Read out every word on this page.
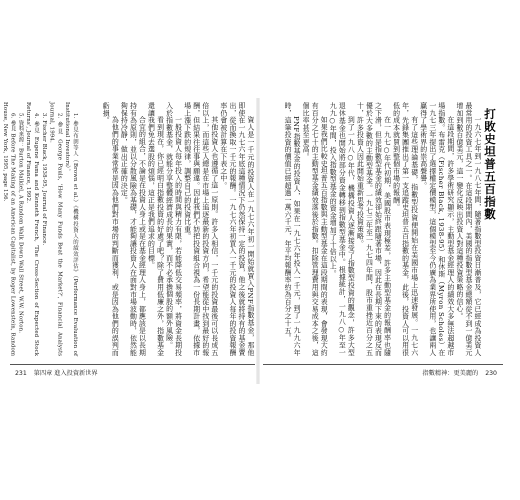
1. 參見布朗等人（Brown et al.）《機構投資人的績效評估》（Performance Evaluation of Institutional Investors）。

2. 參見 George Pauls, 'How Many Funds Beat the Market?', Financial Analysts Journal, 1994.

3. Fischer Black, 1938-95, Journal of Finance.

4. 參見 Eugene Fama and Kenneth French, 'The Cross-Section of Expected Stock Returns', Journal of Finance, 1992.

5. 資料來源：Burton Malkiel, A Random Walk Down Wall Street, W.W. Norton.

6. 參見 Before The Making of an American Capitalist, by Roger Lowenstein, Random House, New York, 1995, page 156.	資人是一千元的投資人在一九七六年初一開始就買入PNF指數基金，那他即使在一九七六年底這種情況下仍然保持一定的投資，他之後就將持有的基金賣出，從而換取一千元的報酬。一九七六年初買入一千元的投資人每年的投資報酬率仍會被計算在下表之中。

其他投資人也遵循了這一原則。許多人相信，一千元的投資最後可以長成五倍以上，而這些人總是在市場上追逐最新的投資方向，希望能從中找到最好的報酬，但結果往往事與願違。因此我們不妨把投資組合視為一份長期計畫，依據市場上漲下跌的規律，調整自己的投資比重。

一般投資人每年投入的時間與精力有限，若能降低交易頻率，將資金長期投入於指數基金，就能分享整體經濟成長的果實，而不必承擔個股的額外風險。

看到現在，你已經明白指數投資的好處了吧？除了費用低廉之外，指數基金還讓我們免去選股的煩惱，這正是我們追求的目標。

合宜的組合，不論是在投資人身上或是在基金經理人身上，都應該是以長期持有為原則，並以分散風險為基礎，才能夠讓投資人在面對市場波動時，依然能夠保持冷靜，做出正確的決定。

為他們的事業常常是因為他們對市場的判斷而獲利，或是因為他們的誤判而虧損。

231 第四章 進入投資新世界
打敗史坦普五百指數

一九六七年到一九八七年間，隨著指數型投資日漸普及，它已經成為投資人最常用的投資工具之一。在這段期間內，美國的指數型基金總額從不到一億美元增加到數百億美元，這一變化反映出投資人對這種投資策略的信心。

在這段期間，許多學術研究顯示，主動型基金經理人的績效大多無法超越市場指數。布雷克（Fischer Black, 1938-95）和休斯（Myron Scholes）在一九七三年提出了選擇權定價模型，這個模型至今仍廣為業界所使用，也讓兩人贏得了學術界的崇高聲譽。

有了這些理論基礎，指數型投資便開始在美國市場上迅速發展。一九七六年，先鋒集團推出了第一支追蹤史坦普五百指數的基金，此後，投資人可以用很低的成本就買到整個市場的報酬。

在一九七○年代初期，美國股市表現極差，許多主動型基金的報酬率也隨之下滑，但是指數型基金的績效卻始終跟隨著市場，因此在長期下來的表現反而優於大多數的主動型基金。一九七三年至一九七四年間，股市重挫近百分之五十，許多投資人因此開始重新思考投資策略。

到了一九八○年代，機構投資人逐漸接受了指數型投資的觀念，許多大型退休基金也開始將部分資金轉移到指數型基金中。根據統計，一九八○年至一九九○年間，投入指數型基金的資金增加了十倍以上。

如果我們比較史坦普五百指數與主動型基金在這段期間的表現，會發現大約有百分之七十的主動型基金績效落後於指數。扣除管理費用與交易成本之後，這個比率甚至更高。

PNF指數基金的投資人，如果在一九七六年投入一千元，到了一九九六年時，這筆投資的價值已經超過一萬六千元，年平均報酬率約為百分之十五。

指數精神：更美麗的 230
